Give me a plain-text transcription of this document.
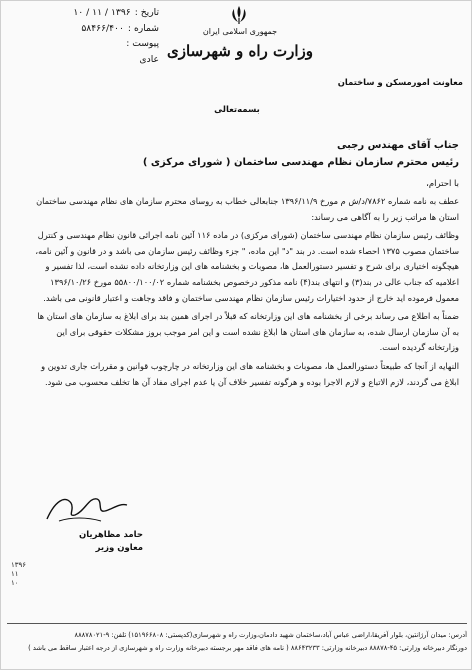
تاریخ :
۱۳۹۶ / ۱۱ / ۱۰
شماره :
۵۸۴۶۶/۴۰۰
پیوست :
عادی
جمهوری اسلامی ایران
وزارت راه و شهرسازی
معاونت امورمسکن و ساختمان
بسمه‌تعالی
جناب آقای مهندس رجبی
رئیس محترم سازمان نظام مهندسی ساختمان ( شورای مرکزی )
با احترام،

عطف به نامه شماره ۷۸۶۲/د/ش م مورخ ۱۳۹۶/۱۱/۹ جنابعالی خطاب به روسای محترم سازمان های نظام مهندسی ساختمان استان ها مراتب زیر را به آگاهی می رساند:

وظائف رئیس سازمان نظام مهندسی ساختمان (شورای مرکزی) در ماده ۱۱۶ آئین نامه اجرائی قانون نظام مهندسی و کنترل ساختمان مصوب ۱۳۷۵ احصاء شده است. در بند "د" این ماده، " جزء وظائف رئیس سازمان می باشد و در قانون و آئین نامه، هیچگونه اختیاری برای شرح و تفسیر دستورالعمل ها، مصوبات و بخشنامه های این وزارتخانه داده نشده است، لذا تفسیر و اعلامیه که جناب عالی در بند(۳) و انتهای بند(۴) نامه مذکور درخصوص بخشنامه شماره ۵۵۸۰۰/۱۰۰/۰۲ مورخ ۱۳۹۶/۱۰/۲۶ معمول فرموده اید خارج از حدود اختیارات رئیس سازمان نظام مهندسی ساختمان و فاقد وجاهت و اعتبار قانونی می باشد.

ضمناً به اطلاع می رساند برخی از بخشنامه های این وزارتخانه که قبلاً در اجرای همین بند برای ابلاغ به سازمان های استان ها به آن سازمان ارسال شده، به سازمان های استان ها ابلاغ نشده است و این امر موجب بروز مشکلات حقوقی برای این وزارتخانه گردیده است.

النهایه از آنجا که طبیعتاً دستورالعمل ها، مصوبات و بخشنامه های این وزارتخانه در چارچوب قوانین و مقررات جاری تدوین و ابلاغ می گردند، لازم الاتباع و لازم الاجرا بوده و هرگونه تفسیر خلاف آن یا عدم اجرای مفاد آن ها تخلف محسوب می شود.

حامد مظاهریان
معاون وزیر
۱۳۹۶
۱۱
۱۰
آدرس: میدان آرژانتین، بلوار آفریقا،اراضی عباس آباد،ساختمان شهید دادمان،وزارت راه و شهرسازی(کدپستی: ۱۵۱۹۶۶۸۰۸) تلفن: ۹-۸۸۸۷۸۰۲۱
دورنگار دبیرخانه وزارتی: ۴۵-۸۸۸۷۸ دبیرخانه وزارتی: ۸۸۶۴۳۲۳۳ ( نامه های فاقد مهر برجسته دبیرخانه وزارت راه و شهرسازی از درجه اعتبار ساقط می باشد )
